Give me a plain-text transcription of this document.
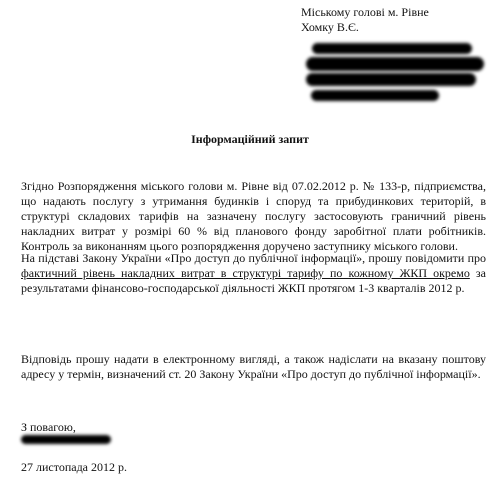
Міському голові м. Рівне
Хомку В.Є.
Інформаційний запит

Згідно Розпорядження міського голови м. Рівне від 07.02.2012 р. № 133-р, підприємства, що надають послугу з утримання будинків і споруд та прибудинкових територій, в структурі складових тарифів на зазначену послугу застосовують граничний рівень накладних витрат у розмірі 60 % від планового фонду заробітної плати робітників. Контроль за виконанням цього розпорядження доручено заступнику міського голови.

На підставі Закону України «Про доступ до публічної інформації», прошу повідомити про фактичний рівень накладних витрат в структурі тарифу по кожному ЖКП окремо за результатами фінансово-господарської діяльності ЖКП протягом 1-3 кварталів 2012 р.

Відповідь прошу надати в електронному вигляді, а також надіслати на вказану поштову адресу у термін, визначений ст. 20 Закону України «Про доступ до публічної інформації».

З повагою,
27 листопада 2012 р.
